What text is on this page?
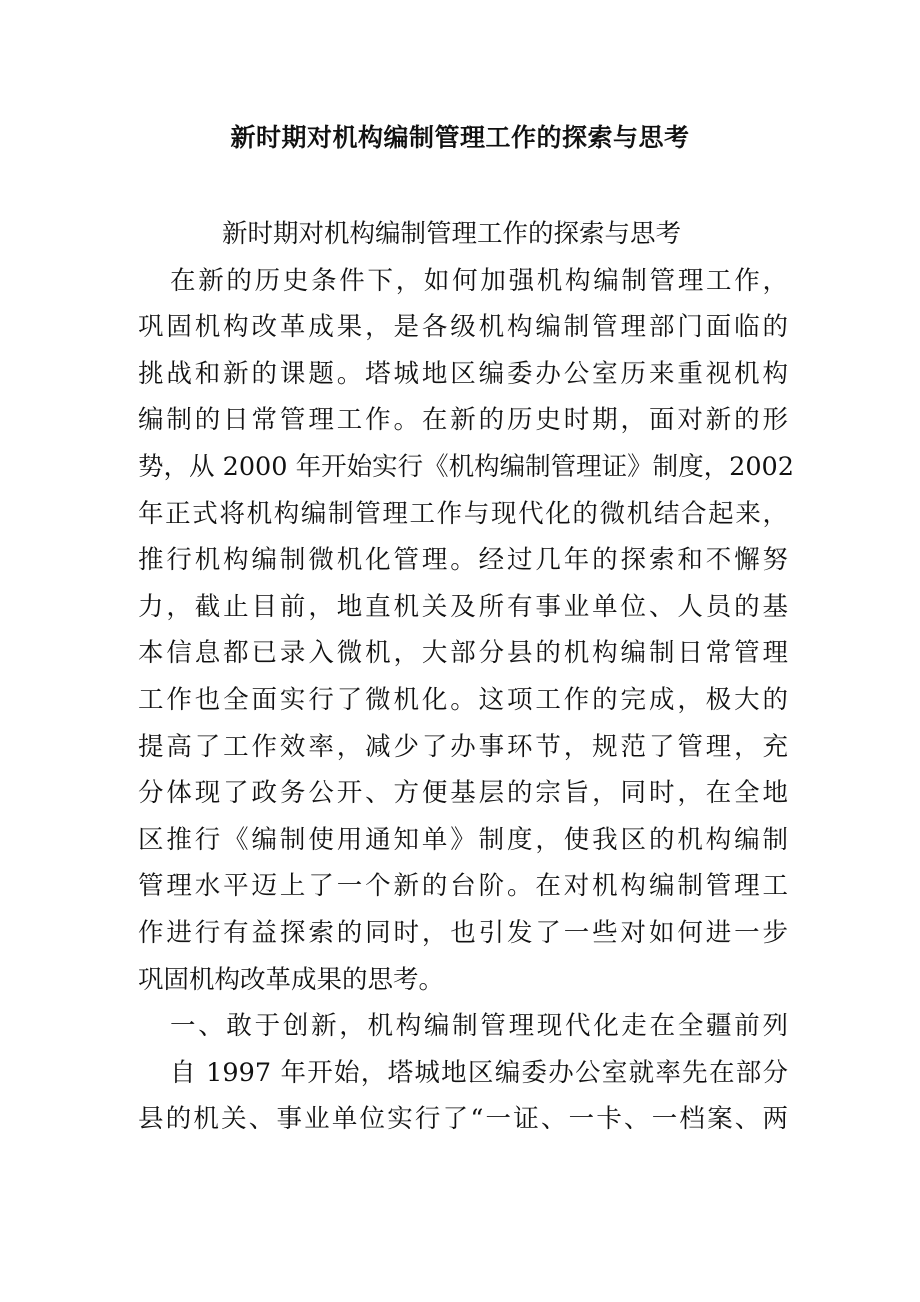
新时期对机构编制管理工作的探索与思考
新时期对机构编制管理工作的探索与思考
在新的历史条件下，如何加强机构编制管理工作，
巩固机构改革成果，是各级机构编制管理部门面临的
挑战和新的课题。塔城地区编委办公室历来重视机构
编制的日常管理工作。在新的历史时期，面对新的形
势，从 2000 年开始实行《机构编制管理证》制度，2002
年正式将机构编制管理工作与现代化的微机结合起来，
推行机构编制微机化管理。经过几年的探索和不懈努
力，截止目前，地直机关及所有事业单位、人员的基
本信息都已录入微机，大部分县的机构编制日常管理
工作也全面实行了微机化。这项工作的完成，极大的
提高了工作效率，减少了办事环节，规范了管理，充
分体现了政务公开、方便基层的宗旨，同时，在全地
区推行《编制使用通知单》制度，使我区的机构编制
管理水平迈上了一个新的台阶。在对机构编制管理工
作进行有益探索的同时，也引发了一些对如何进一步
巩固机构改革成果的思考。
一、敢于创新，机构编制管理现代化走在全疆前列
自 1997 年开始，塔城地区编委办公室就率先在部分
县的机关、事业单位实行了“一证、一卡、一档案、两
